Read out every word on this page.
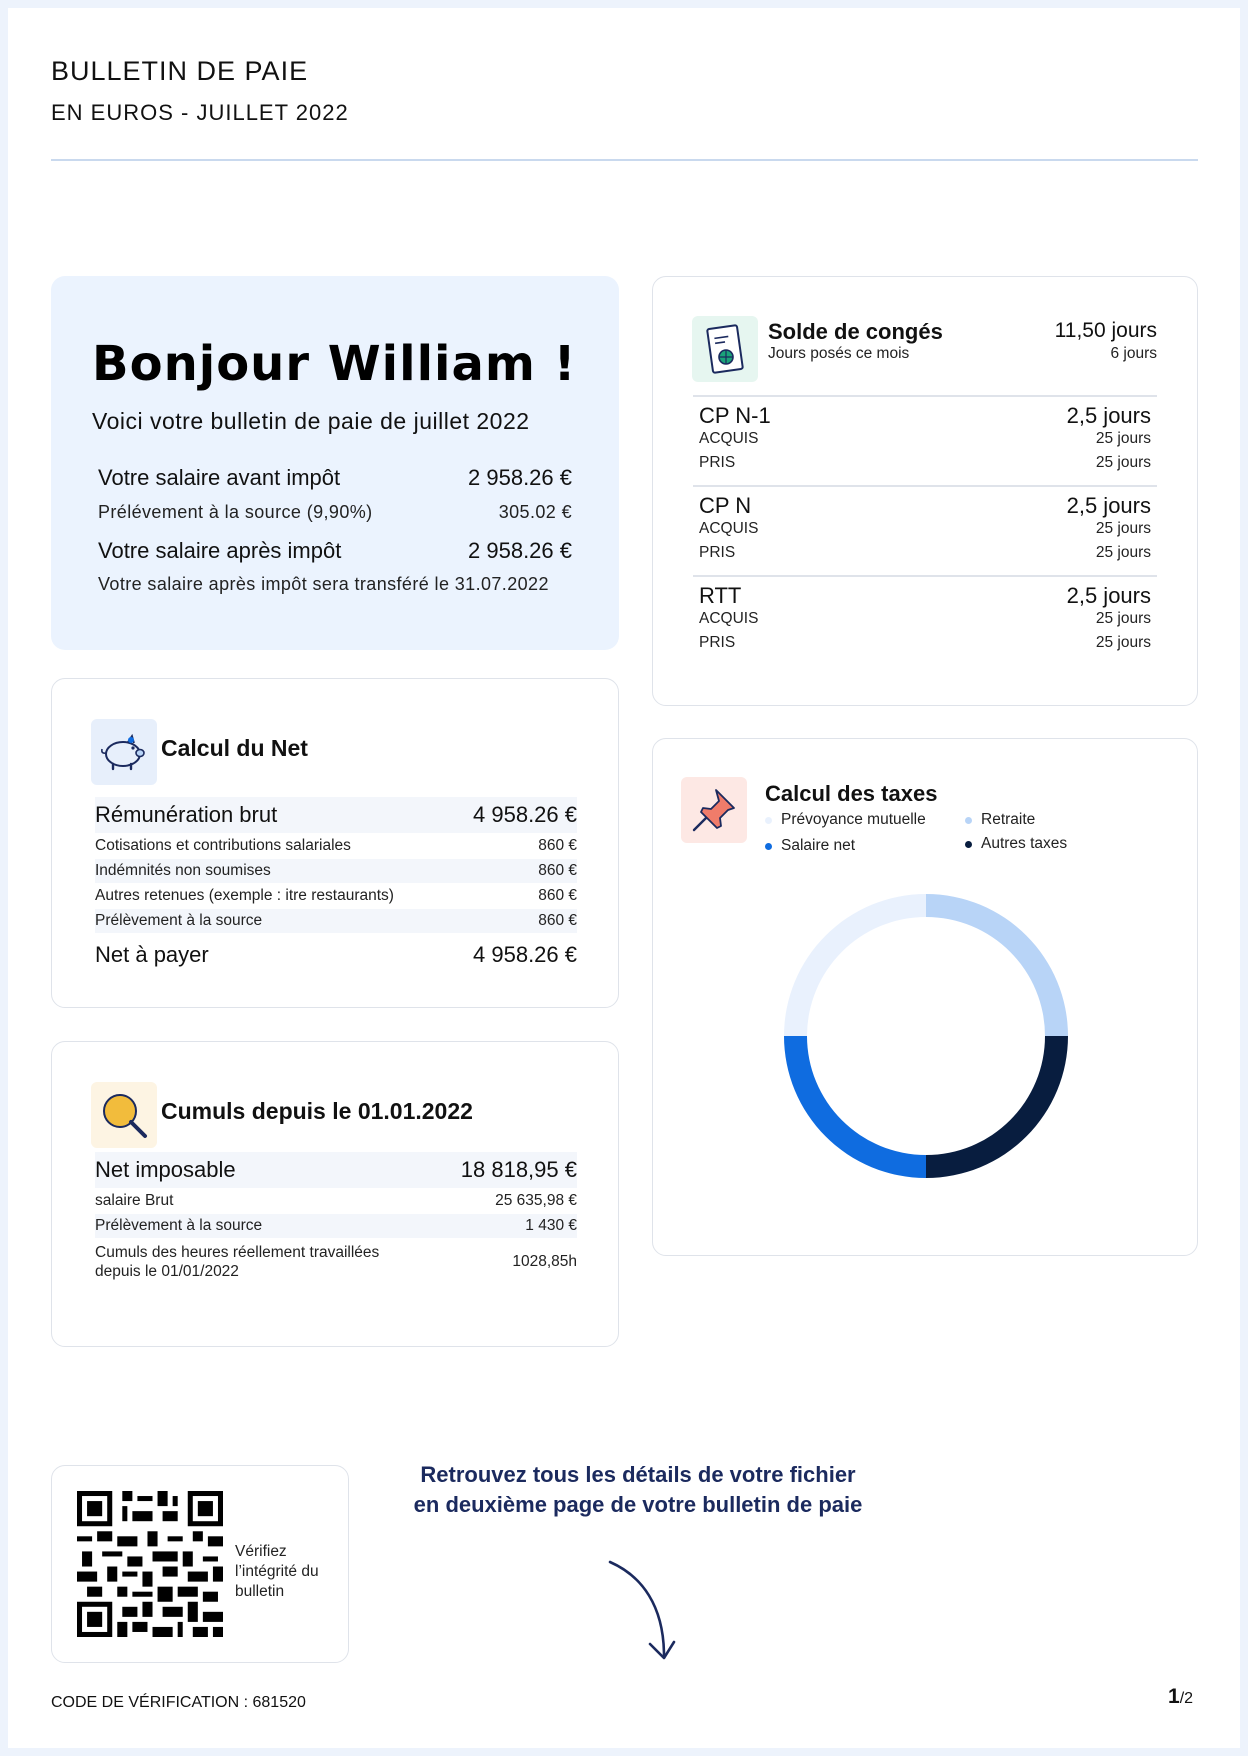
BULLETIN DE PAIE
EN EUROS - JUILLET 2022
Bonjour William !
Voici votre bulletin de paie de juillet 2022
Votre salaire avant impôt	2 958.26 €
Prélévement à la source (9,90%)	305.02 €
Votre salaire après impôt	2 958.26 €
Votre salaire après impôt sera transféré le 31.07.2022
Calcul du Net
Rémunération brut	4 958.26 €
Cotisations et contributions salariales	860 €
Indémnités non soumises	860 €
Autres retenues (exemple : itre restaurants)	860 €
Prélèvement à la source	860 €
Net à payer	4 958.26 €
Cumuls depuis le 01.01.2022
Net imposable	18 818,95 €
salaire Brut	25 635,98 €
Prélèvement à la source	1 430 €
Cumuls des heures réellement travaillées
depuis le 01/01/2022
1028,85h
Solde de congés	11,50 jours
Jours posés ce mois	6 jours
CP N-1	2,5 jours
ACQUIS	25 jours
PRIS	25 jours
CP N	2,5 jours
ACQUIS	25 jours
PRIS	25 jours
RTT	2,5 jours
ACQUIS	25 jours
PRIS	25 jours
Calcul des taxes
Prévoyance mutuelle	Retraite
Salaire net	Autres taxes
Vérifiez l’intégrité du bulletin
Retrouvez tous les détails de votre fichier
en deuxième page de votre bulletin de paie
CODE DE VÉRIFICATION : 681520	1/2
